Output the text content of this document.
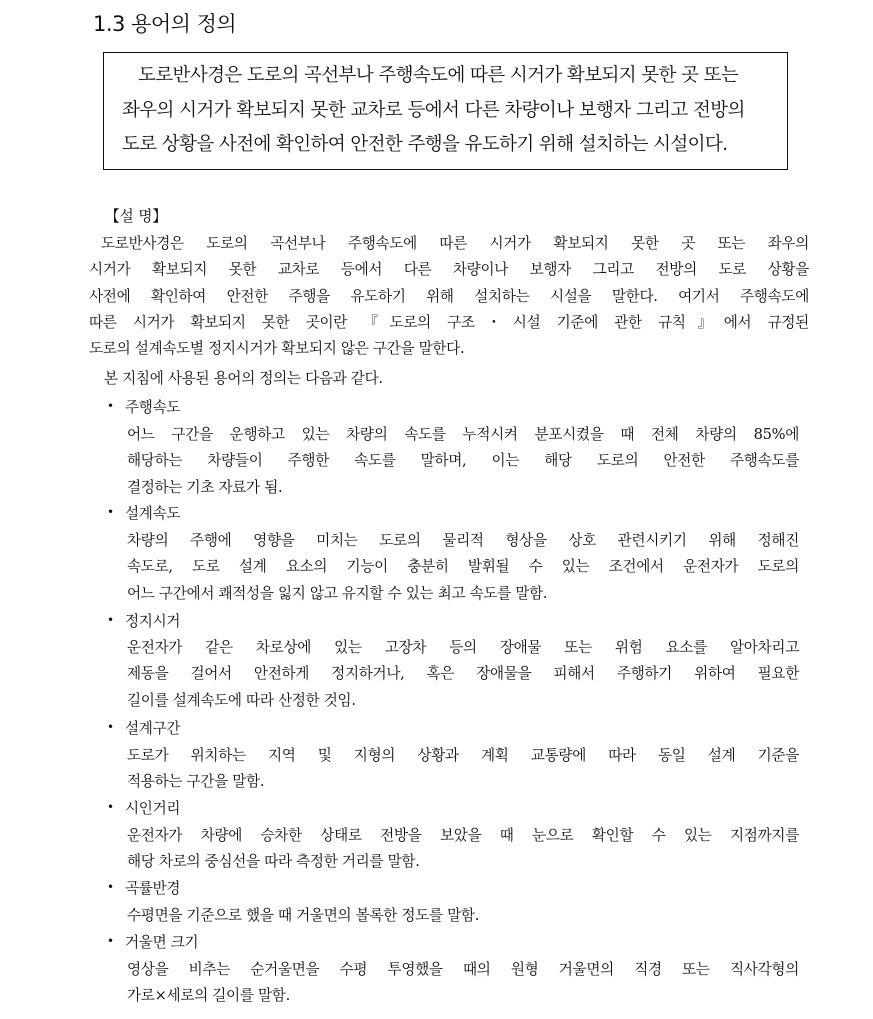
1.3 용어의 정의
도로반사경은 도로의 곡선부나 주행속도에 따른 시거가 확보되지 못한 곳 또는
좌우의 시거가 확보되지 못한 교차로 등에서 다른 차량이나 보행자 그리고 전방의
도로 상황을 사전에 확인하여 안전한 주행을 유도하기 위해 설치하는 시설이다.
【설 명】
도로반사경은 도로의 곡선부나 주행속도에 따른 시거가 확보되지 못한 곳 또는 좌우의
시거가 확보되지 못한 교차로 등에서 다른 차량이나 보행자 그리고 전방의 도로 상황을
사전에 확인하여 안전한 주행을 유도하기 위해 설치하는 시설을 말한다. 여기서 주행속도에
따른 시거가 확보되지 못한 곳이란 『도로의 구조・시설 기준에 관한 규칙』에서 규정된
도로의 설계속도별 정지시거가 확보되지 않은 구간을 말한다.
본 지침에 사용된 용어의 정의는 다음과 같다.
• 주행속도
어느 구간을 운행하고 있는 차량의 속도를 누적시켜 분포시켰을 때 전체 차량의 85%에
해당하는 차량들이 주행한 속도를 말하며, 이는 해당 도로의 안전한 주행속도를
결정하는 기초 자료가 됨.
• 설계속도
차량의 주행에 영향을 미치는 도로의 물리적 형상을 상호 관련시키기 위해 정해진
속도로, 도로 설계 요소의 기능이 충분히 발휘될 수 있는 조건에서 운전자가 도로의
어느 구간에서 쾌적성을 잃지 않고 유지할 수 있는 최고 속도를 말함.
• 정지시거
운전자가 같은 차로상에 있는 고장차 등의 장애물 또는 위험 요소를 알아차리고
제동을 걸어서 안전하게 정지하거나, 혹은 장애물을 피해서 주행하기 위하여 필요한
길이를 설계속도에 따라 산정한 것임.
• 설계구간
도로가 위치하는 지역 및 지형의 상황과 계획 교통량에 따라 동일 설계 기준을
적용하는 구간을 말함.
• 시인거리
운전자가 차량에 승차한 상태로 전방을 보았을 때 눈으로 확인할 수 있는 지점까지를
해당 차로의 중심선을 따라 측정한 거리를 말함.
• 곡률반경
수평면을 기준으로 했을 때 거울면의 볼록한 정도를 말함.
• 거울면 크기
영상을 비추는 순거울면을 수평 투영했을 때의 원형 거울면의 직경 또는 직사각형의
가로×세로의 길이를 말함.
